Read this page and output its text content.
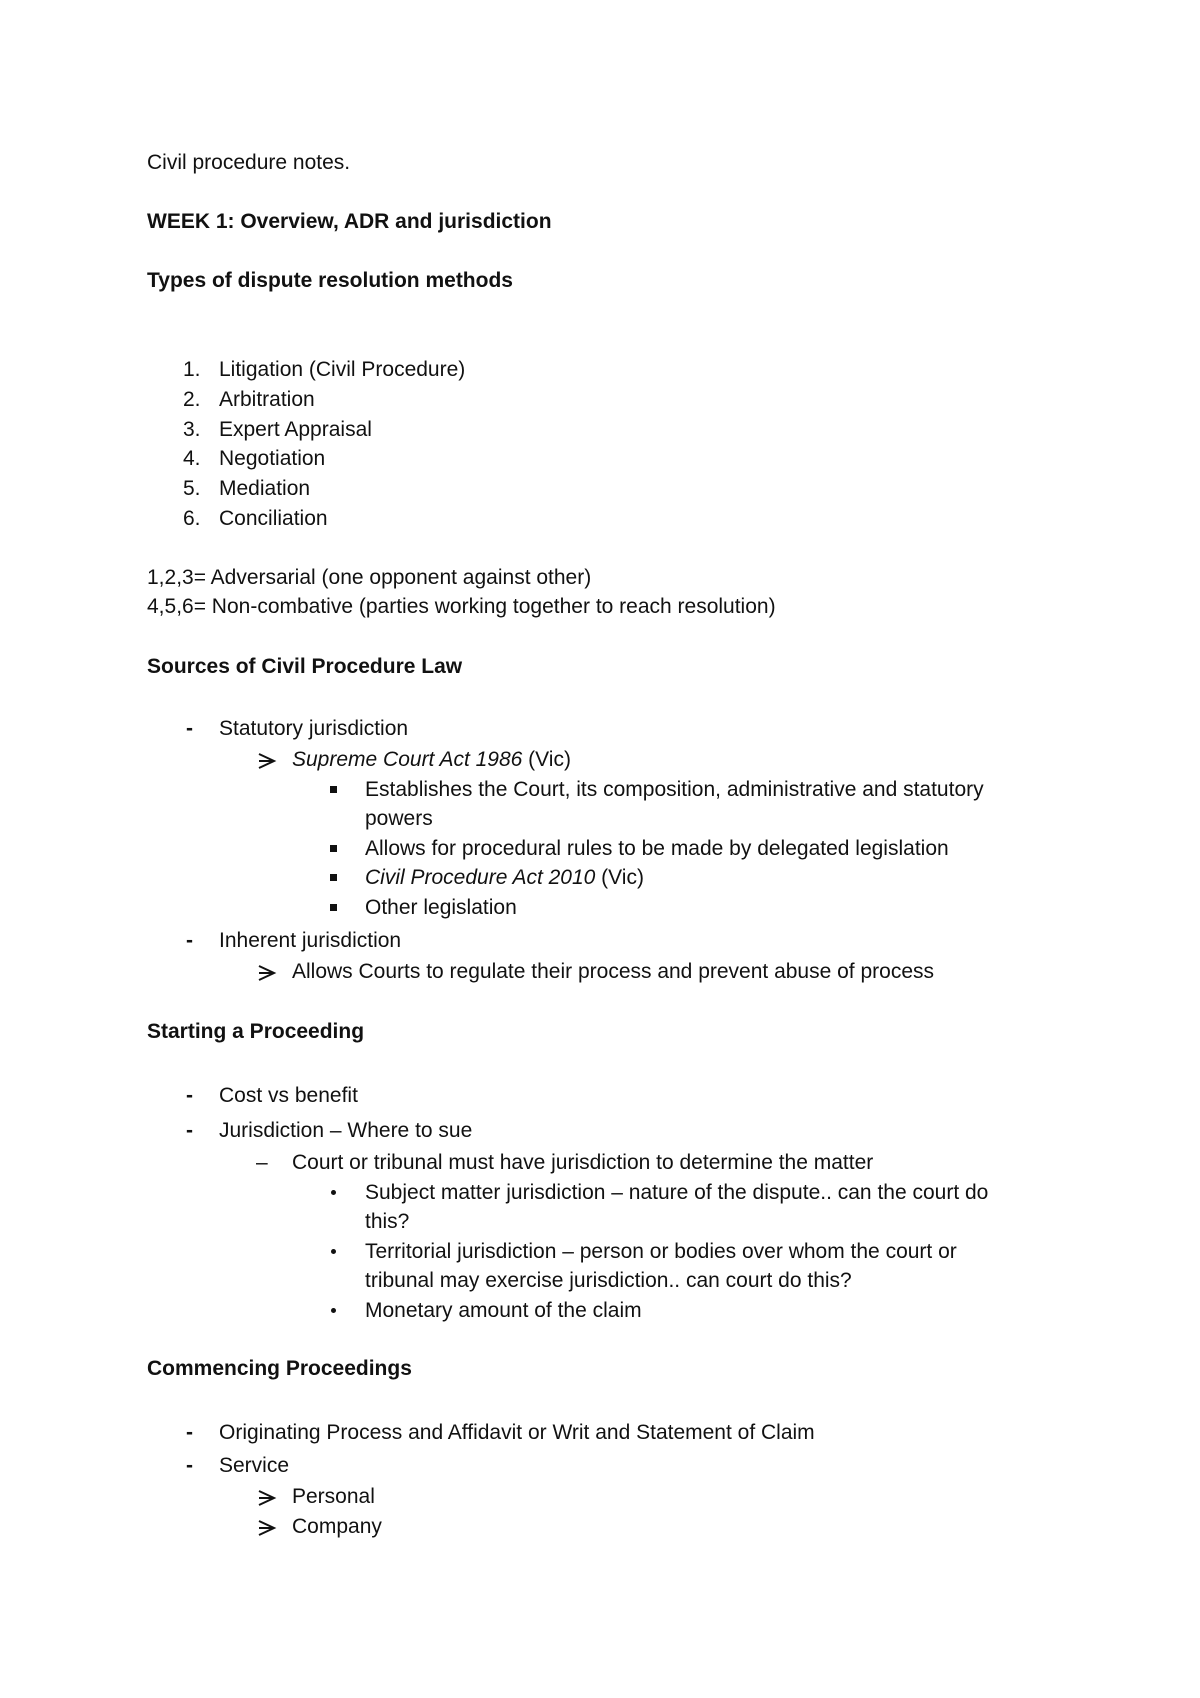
Civil procedure notes.
WEEK 1: Overview, ADR and jurisdiction
Types of dispute resolution methods
1. Litigation (Civil Procedure)
2. Arbitration
3. Expert Appraisal
4. Negotiation
5. Mediation
6. Conciliation
1,2,3= Adversarial (one opponent against other)
4,5,6= Non-combative (parties working together to reach resolution)
Sources of Civil Procedure Law
- Statutory jurisdiction
Supreme Court Act 1986 (Vic)
Establishes the Court, its composition, administrative and statutory
powers
Allows for procedural rules to be made by delegated legislation
Civil Procedure Act 2010 (Vic)
Other legislation
- Inherent jurisdiction
Allows Courts to regulate their process and prevent abuse of process
Starting a Proceeding
- Cost vs benefit
- Jurisdiction – Where to sue
– Court or tribunal must have jurisdiction to determine the matter
Subject matter jurisdiction – nature of the dispute.. can the court do
this?
Territorial jurisdiction – person or bodies over whom the court or
tribunal may exercise jurisdiction.. can court do this?
Monetary amount of the claim
Commencing Proceedings
- Originating Process and Affidavit or Writ and Statement of Claim
- Service
Personal
Company
